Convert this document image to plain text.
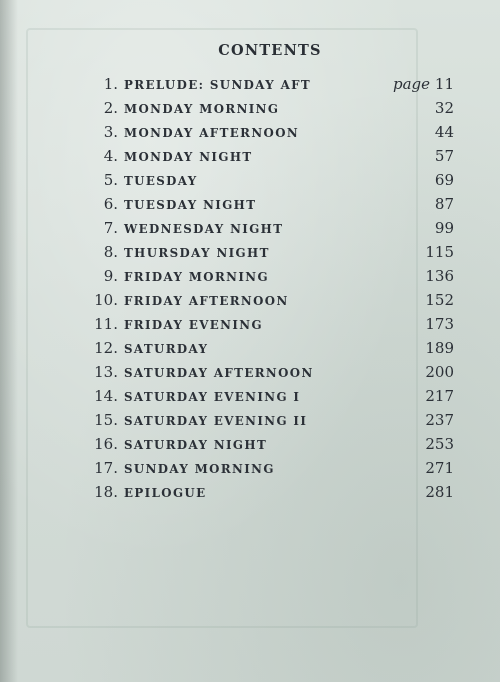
CONTENTS
1. PRELUDE: SUNDAY AFT	page 11
2. MONDAY MORNING	32
3. MONDAY AFTERNOON	44
4. MONDAY NIGHT	57
5. TUESDAY	69
6. TUESDAY NIGHT	87
7. WEDNESDAY NIGHT	99
8. THURSDAY NIGHT	115
9. FRIDAY MORNING	136
10. FRIDAY AFTERNOON	152
11. FRIDAY EVENING	173
12. SATURDAY	189
13. SATURDAY AFTERNOON	200
14. SATURDAY EVENING I	217
15. SATURDAY EVENING II	237
16. SATURDAY NIGHT	253
17. SUNDAY MORNING	271
18. EPILOGUE	281
